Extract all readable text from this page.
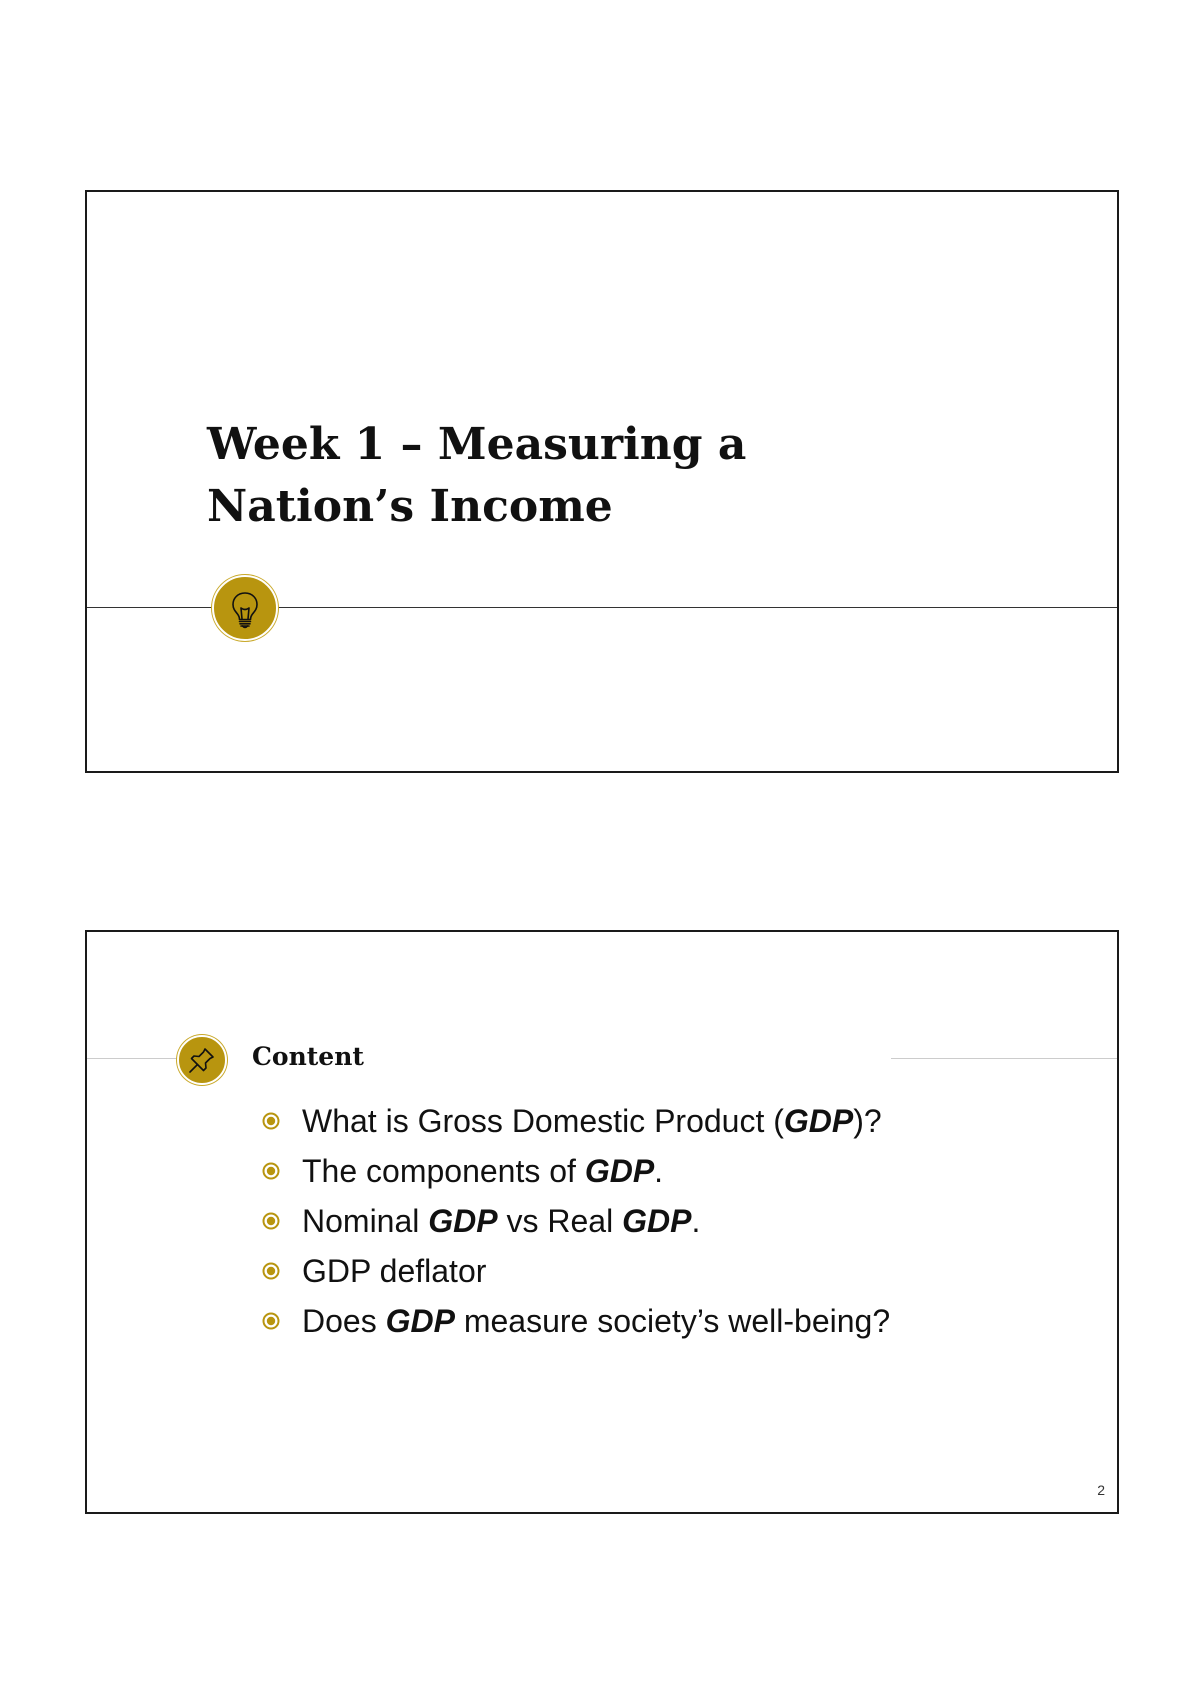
Week 1 – Measuring a
Nation’s Income
Content
What is Gross Domestic Product (GDP)?
The components of GDP.
Nominal GDP vs Real GDP.
GDP deflator
Does GDP measure society’s well-being?
2
